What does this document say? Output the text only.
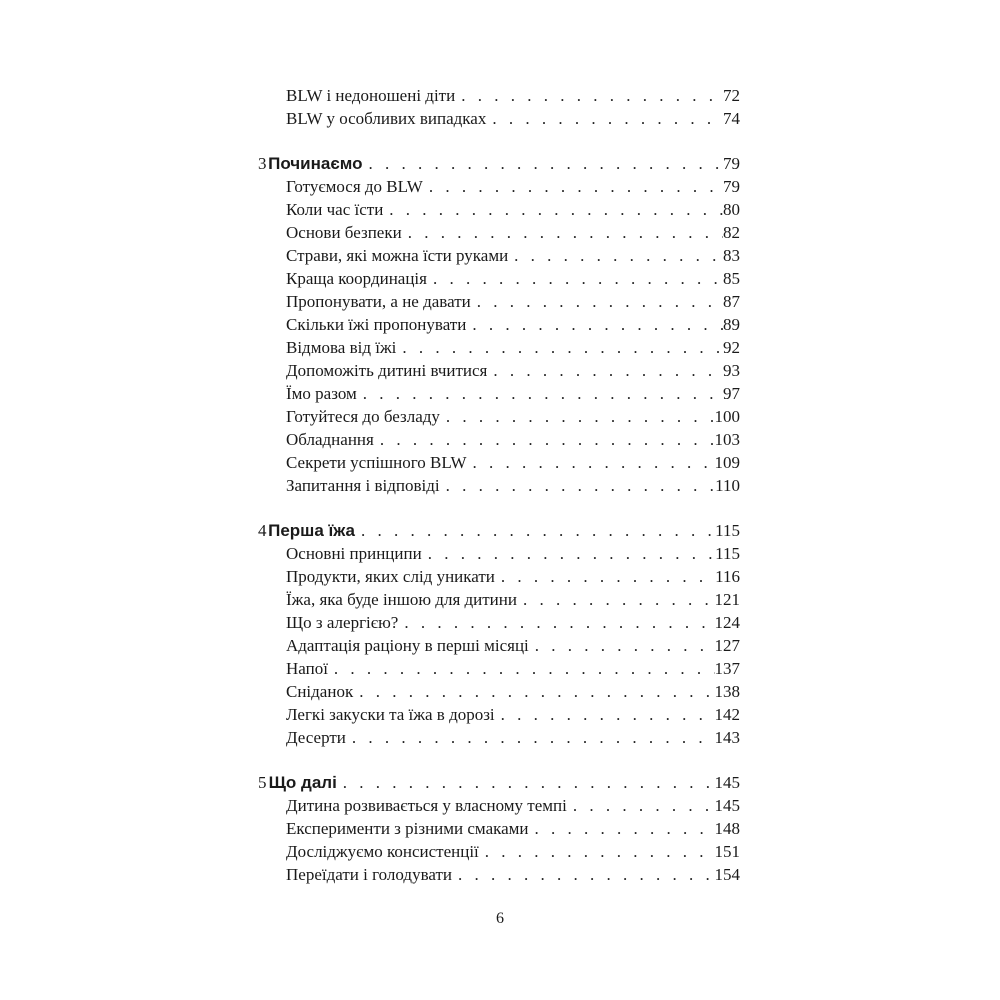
BLW і недоношені діти . . .	72
BLW у особливих випадках . . .	74
3 Починаємо . . .	79
Готуємося до BLW . . .	79
Коли час їсти . . .	80
Основи безпеки . . .	82
Страви, які можна їсти руками . . .	83
Краща координація . . .	85
Пропонувати, а не давати . . .	87
Скільки їжі пропонувати . . .	89
Відмова від їжі . . .	92
Допоможіть дитині вчитися . . .	93
Їмо разом . . .	97
Готуйтеся до безладу . . .	100
Обладнання . . .	103
Секрети успішного BLW . . .	109
Запитання і відповіді . . .	110
4 Перша їжа . . .	115
Основні принципи . . .	115
Продукти, яких слід уникати . . .	116
Їжа, яка буде іншою для дитини . . .	121
Що з алергією? . . .	124
Адаптація раціону в перші місяці . . .	127
Напої . . .	137
Сніданок . . .	138
Легкі закуски та їжа в дорозі . . .	142
Десерти . . .	143
5 Що далі . . .	145
Дитина розвивається у власному темпі . . .	145
Експерименти з різними смаками . . .	148
Досліджуємо консистенції . . .	151
Переїдати і голодувати . . .	154
6
